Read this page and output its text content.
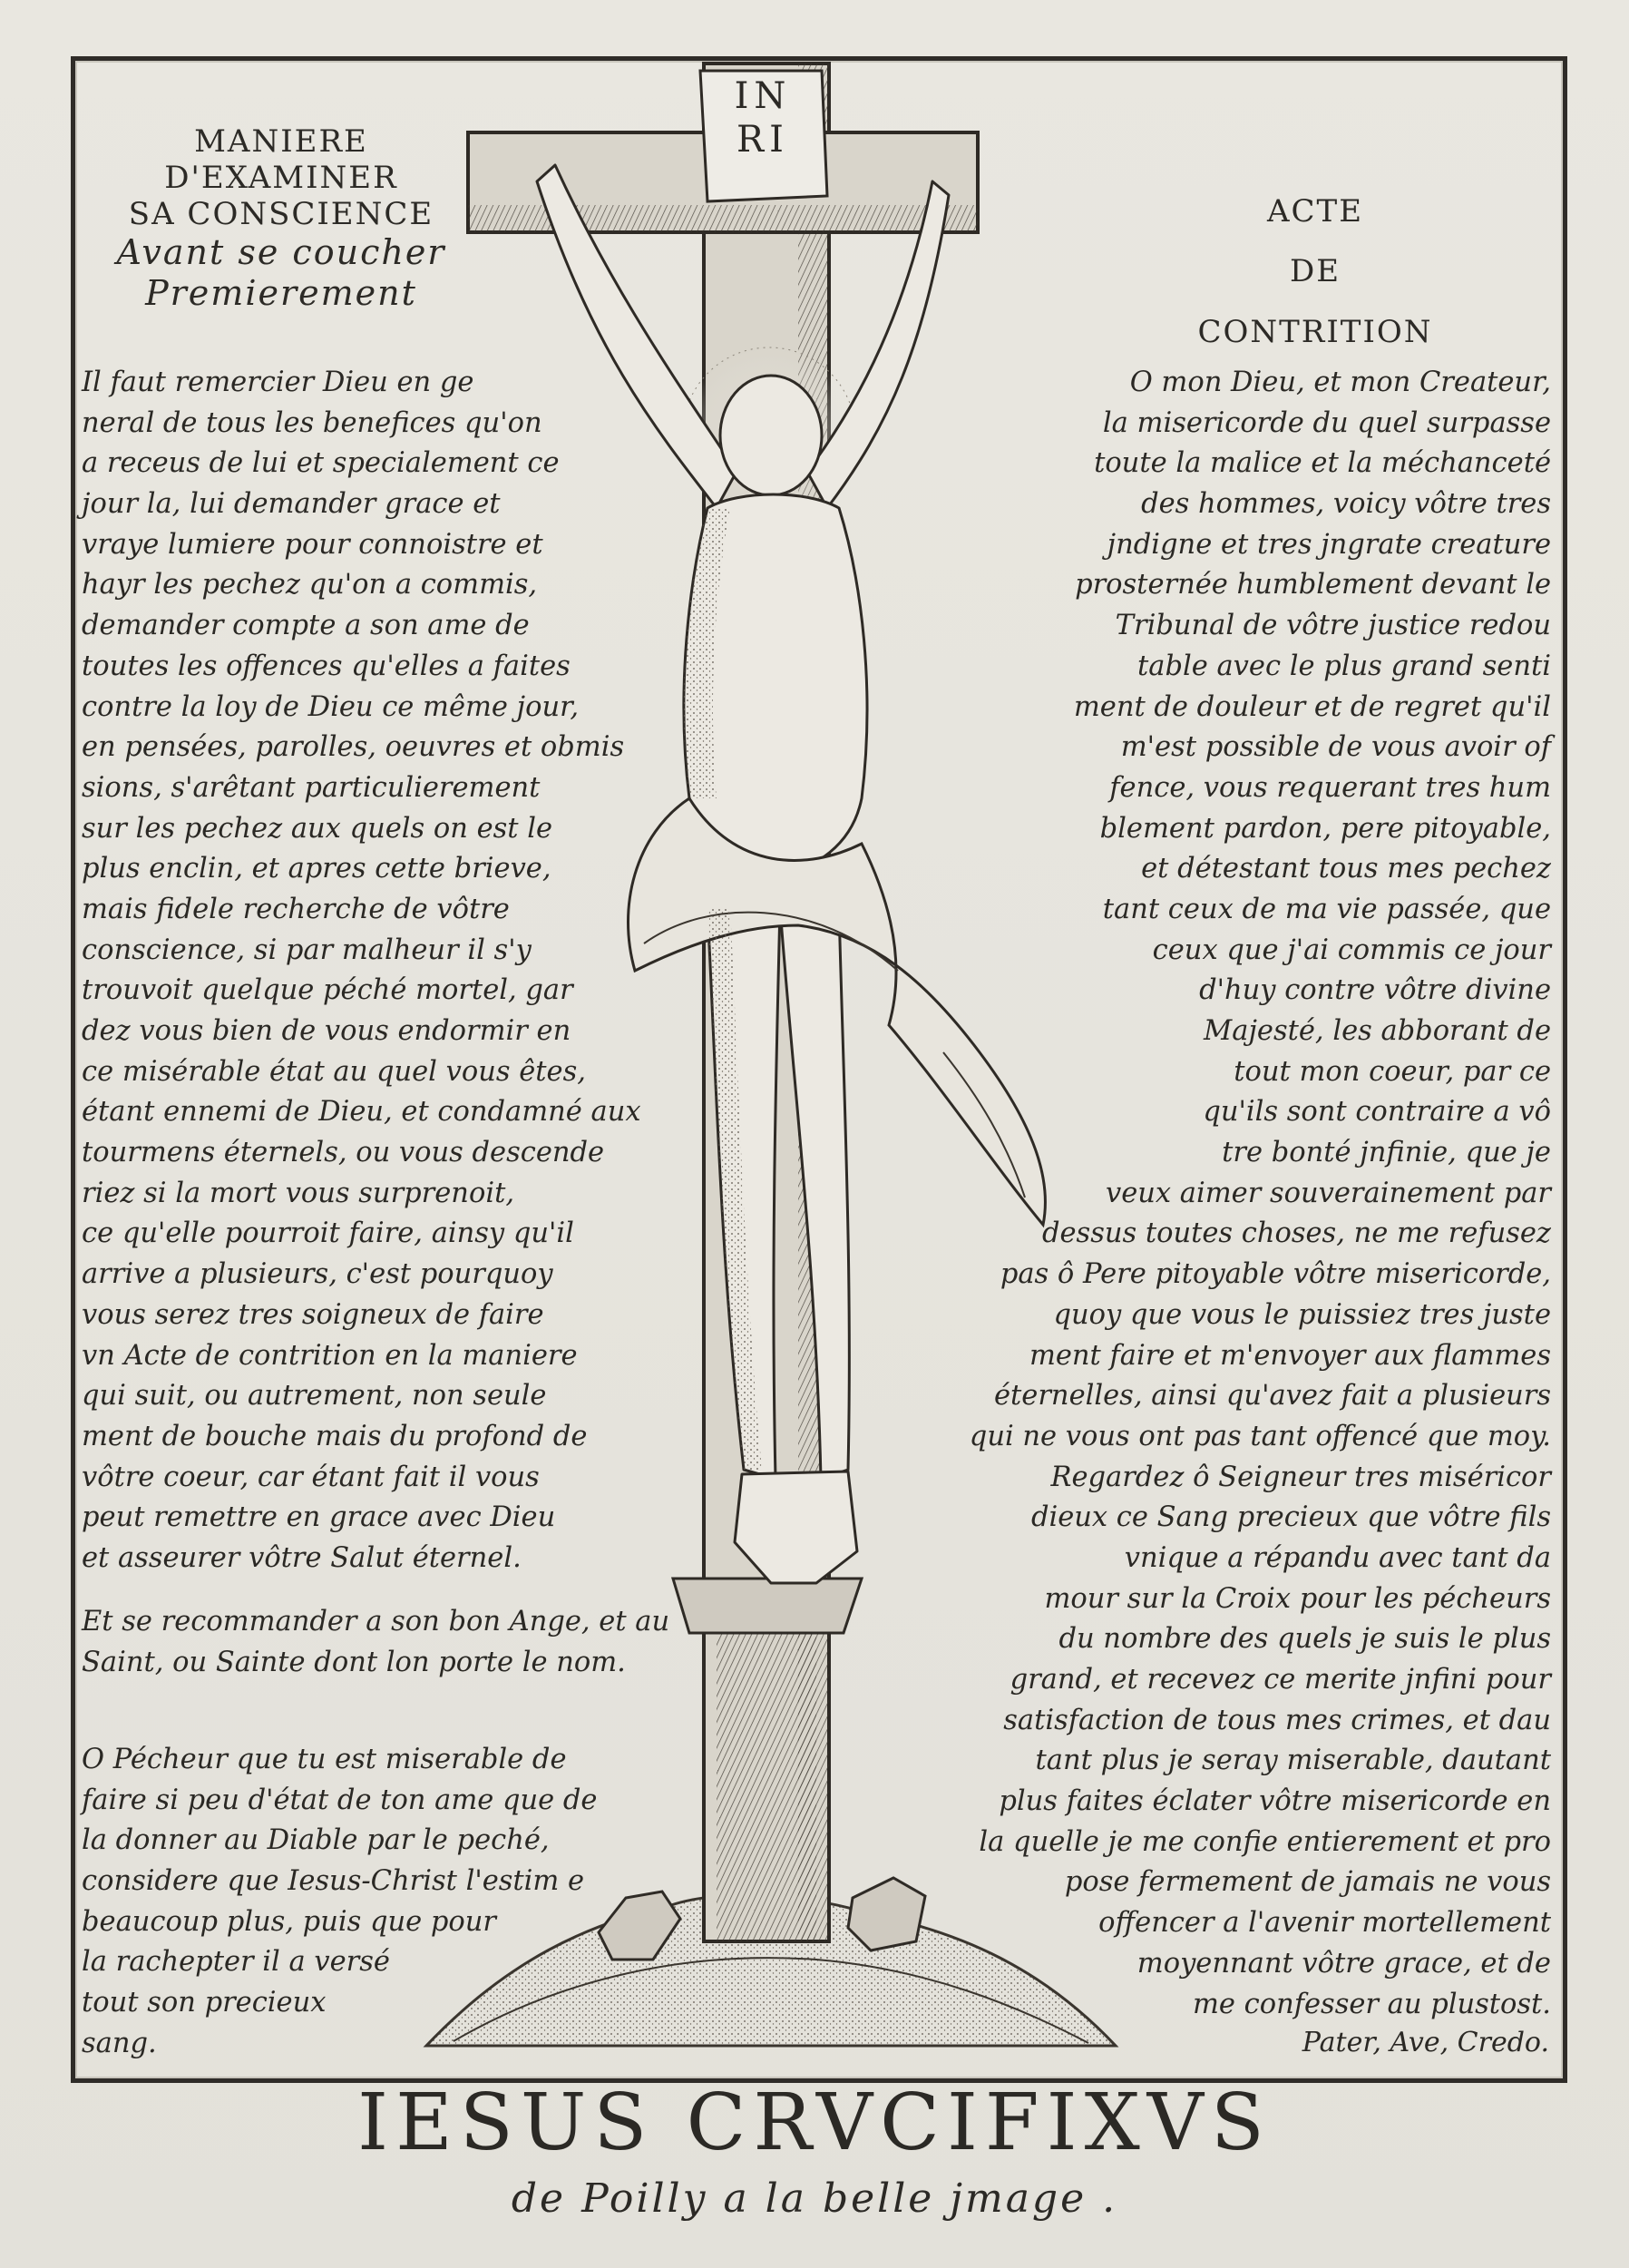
IN
RI
MANIERE
D'EXAMINER
SA CONSCIENCE
Avant se coucher
Premierement
ACTE
DE
CONTRITION
Il faut remercier Dieu en ge
neral de tous les benefices qu'on
a receus de lui et specialement ce
jour la, lui demander grace et
vraye lumiere pour connoistre et
hayr les pechez qu'on a commis,
demander compte a son ame de
toutes les offences qu'elles a faites
contre la loy de Dieu ce même jour,
en pensées, parolles, oeuvres et obmis
sions, s'arêtant particulierement
sur les pechez aux quels on est le
plus enclin, et apres cette brieve,
mais fidele recherche de vôtre
conscience, si par malheur il s'y
trouvoit quelque péché mortel, gar
dez vous bien de vous endormir en
ce misérable état au quel vous êtes,
étant ennemi de Dieu, et condamné aux
tourmens éternels, ou vous descende
riez si la mort vous surprenoit,
ce qu'elle pourroit faire, ainsy qu'il
arrive a plusieurs, c'est pourquoy
vous serez tres soigneux de faire
vn Acte de contrition en la maniere
qui suit, ou autrement, non seule
ment de bouche mais du profond de
vôtre coeur, car étant fait il vous
peut remettre en grace avec Dieu
et asseurer vôtre Salut éternel.
Et se recommander a son bon Ange, et au
Saint, ou Sainte dont lon porte le nom.
O Pécheur que tu est miserable de
faire si peu d'état de ton ame que de
la donner au Diable par le peché,
considere que Iesus-Christ l'estim e
beaucoup plus, puis que pour
la rachepter il a versé
tout son precieux
sang.
O mon Dieu, et mon Createur,
la misericorde du quel surpasse
toute la malice et la méchanceté
des hommes, voicy vôtre tres
jndigne et tres jngrate creature
prosternée humblement devant le
Tribunal de vôtre justice redou
table avec le plus grand senti
ment de douleur et de regret qu'il
m'est possible de vous avoir of
fence, vous requerant tres hum
blement pardon, pere pitoyable,
et détestant tous mes pechez
tant ceux de ma vie passée, que
ceux que j'ai commis ce jour
d'huy contre vôtre divine
Majesté, les abborant de
tout mon coeur, par ce
qu'ils sont contraire a vô
tre bonté jnfinie, que je
veux aimer souverainement par
dessus toutes choses, ne me refusez
pas ô Pere pitoyable vôtre misericorde,
quoy que vous le puissiez tres juste
ment faire et m'envoyer aux flammes
éternelles, ainsi qu'avez fait a plusieurs
qui ne vous ont pas tant offencé que moy.
Regardez ô Seigneur tres miséricor
dieux ce Sang precieux que vôtre fils
vnique a répandu avec tant da
mour sur la Croix pour les pécheurs
du nombre des quels je suis le plus
grand, et recevez ce merite jnfini pour
satisfaction de tous mes crimes, et dau
tant plus je seray miserable, dautant
plus faites éclater vôtre misericorde en
la quelle je me confie entierement et pro
pose fermement de jamais ne vous
offencer a l'avenir mortellement
moyennant vôtre grace, et de
me confesser au plustost.
Pater, Ave, Credo.
IESUS CRVCIFIXVS
de Poilly a la belle jmage .
